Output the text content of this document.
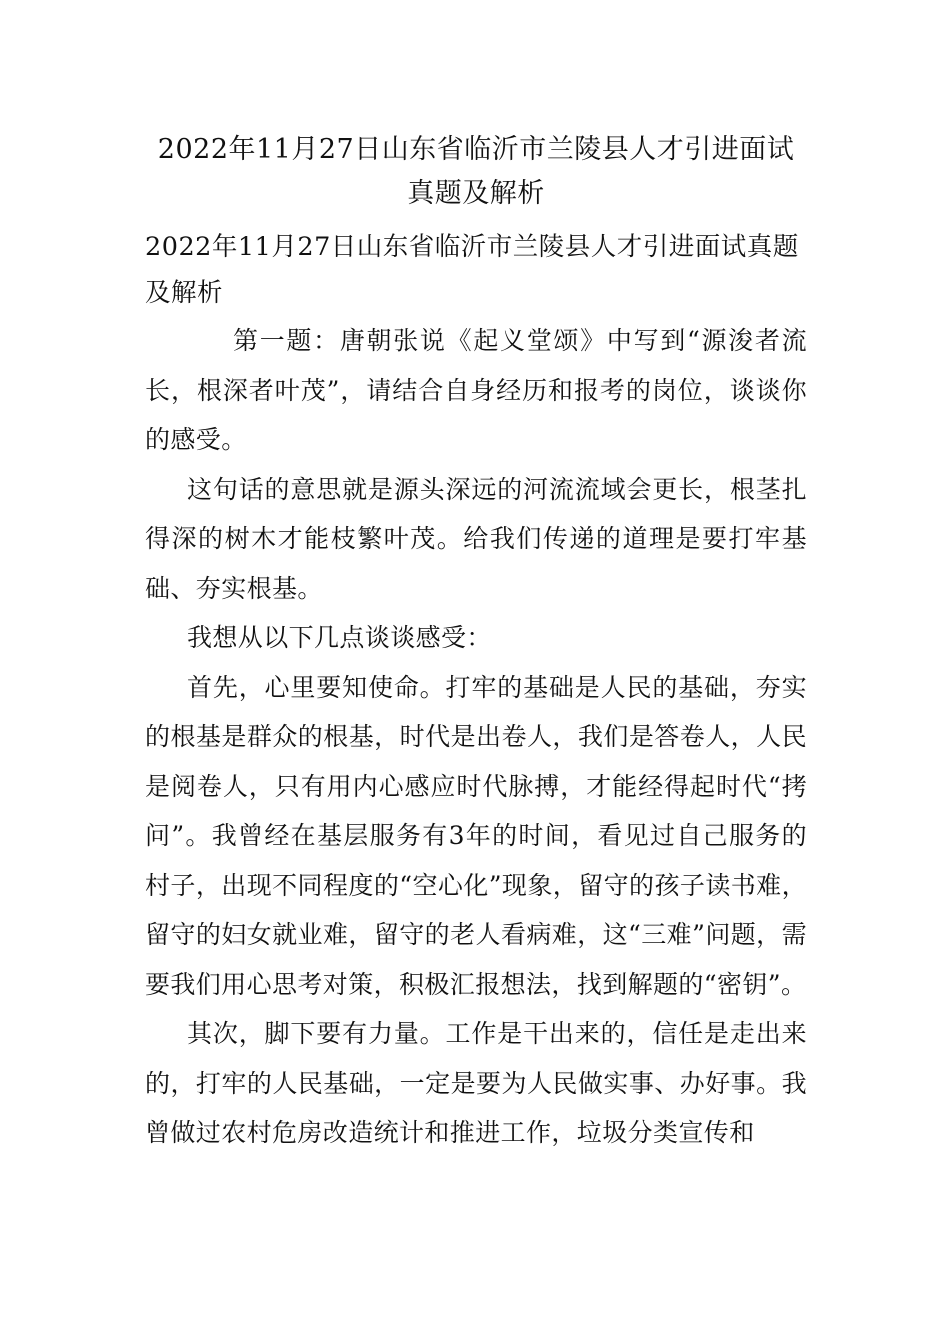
2022年11月27日山东省临沂市兰陵县人才引进面试真题及解析
2022年11月27日山东省临沂市兰陵县人才引进面试真题及解析

第一题：唐朝张说《起义堂颂》中写到“源浚者流长，根深者叶茂”，请结合自身经历和报考的岗位，谈谈你的感受。

这句话的意思就是源头深远的河流流域会更长，根茎扎得深的树木才能枝繁叶茂。给我们传递的道理是要打牢基础、夯实根基。

我想从以下几点谈谈感受：

首先，心里要知使命。打牢的基础是人民的基础，夯实的根基是群众的根基，时代是出卷人，我们是答卷人，人民是阅卷人，只有用内心感应时代脉搏，才能经得起时代“拷问”。我曾经在基层服务有3年的时间，看见过自己服务的村子，出现不同程度的“空心化”现象，留守的孩子读书难，留守的妇女就业难，留守的老人看病难，这“三难”问题，需要我们用心思考对策，积极汇报想法，找到解题的“密钥”。

其次，脚下要有力量。工作是干出来的，信任是走出来的，打牢的人民基础，一定是要为人民做实事、办好事。我曾做过农村危房改造统计和推进工作，垃圾分类宣传和
